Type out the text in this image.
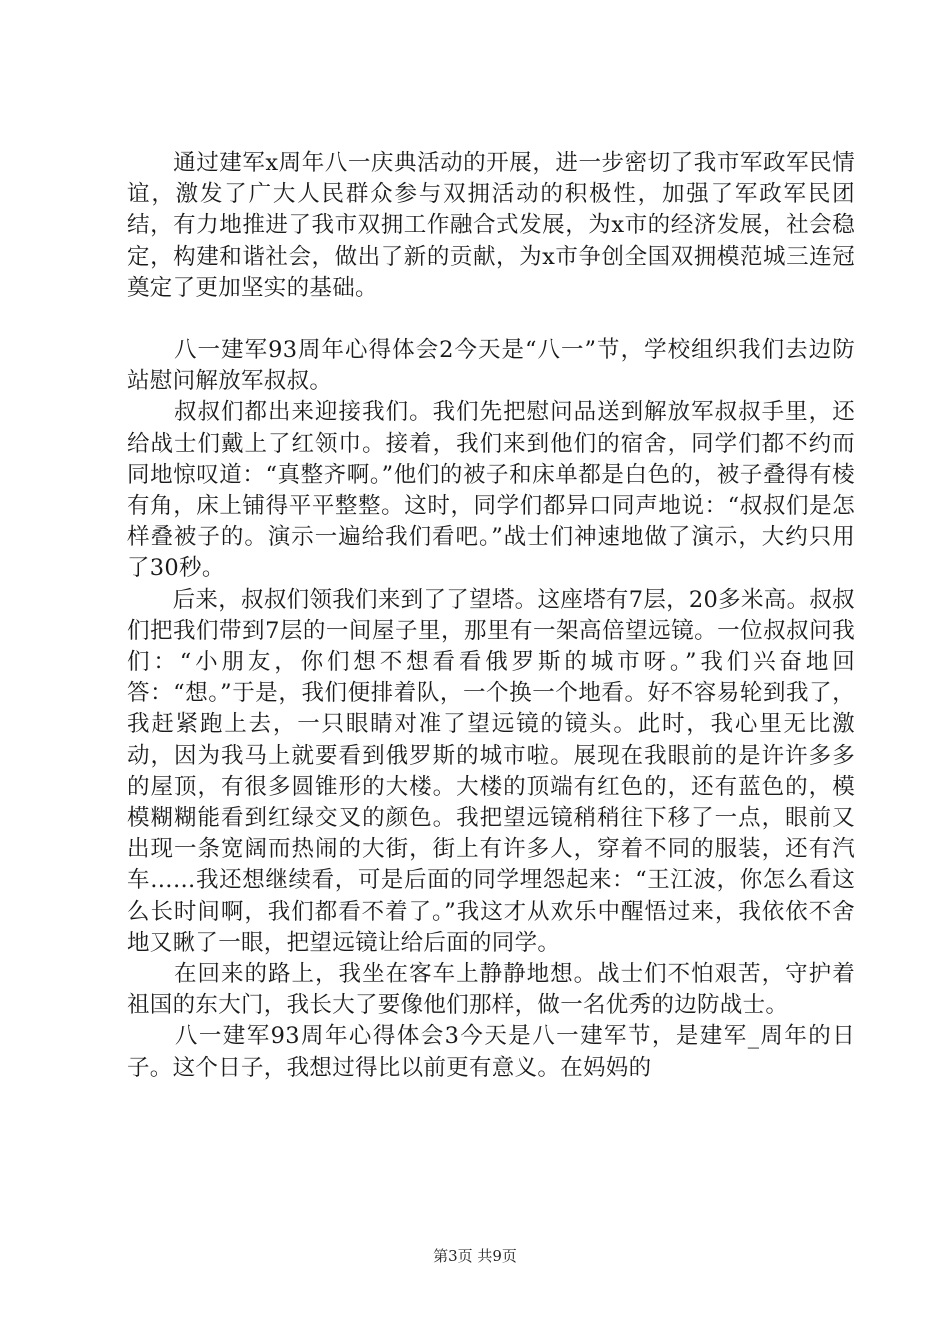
　　通过建军x周年八一庆典活动的开展，进一步密切了我市军政军民情谊，激发了广大人民群众参与双拥活动的积极性，加强了军政军民团结，有力地推进了我市双拥工作融合式发展，为x市的经济发展，社会稳定，构建和谐社会，做出了新的贡献，为x市争创全国双拥模范城三连冠奠定了更加坚实的基础。

　　八一建军93周年心得体会2今天是“八一”节，学校组织我们去边防站慰问解放军叔叔。

　　叔叔们都出来迎接我们。我们先把慰问品送到解放军叔叔手里，还给战士们戴上了红领巾。接着，我们来到他们的宿舍，同学们都不约而同地惊叹道：“真整齐啊。”他们的被子和床单都是白色的，被子叠得有棱有角，床上铺得平平整整。这时，同学们都异口同声地说：“叔叔们是怎样叠被子的。演示一遍给我们看吧。”战士们神速地做了演示，大约只用了30秒。

　　后来，叔叔们领我们来到了了望塔。这座塔有7层，20多米高。叔叔们把我们带到7层的一间屋子里，那里有一架高倍望远镜。一位叔叔问我们：“小朋友，你们想不想看看俄罗斯的城市呀。”我们兴奋地回答：“想。”于是，我们便排着队，一个换一个地看。好不容易轮到我了，我赶紧跑上去，一只眼睛对准了望远镜的镜头。此时，我心里无比激动，因为我马上就要看到俄罗斯的城市啦。展现在我眼前的是许许多多的屋顶，有很多圆锥形的大楼。大楼的顶端有红色的，还有蓝色的，模模糊糊能看到红绿交叉的颜色。我把望远镜稍稍往下移了一点，眼前又出现一条宽阔而热闹的大街，街上有许多人，穿着不同的服装，还有汽车……我还想继续看，可是后面的同学埋怨起来：“王江波，你怎么看这么长时间啊，我们都看不着了。”我这才从欢乐中醒悟过来，我依依不舍地又瞅了一眼，把望远镜让给后面的同学。

　　在回来的路上，我坐在客车上静静地想。战士们不怕艰苦，守护着祖国的东大门，我长大了要像他们那样，做一名优秀的边防战士。

　　八一建军93周年心得体会3今天是八一建军节，是建军_周年的日子。这个日子，我想过得比以前更有意义。在妈妈的

第3页 共9页
